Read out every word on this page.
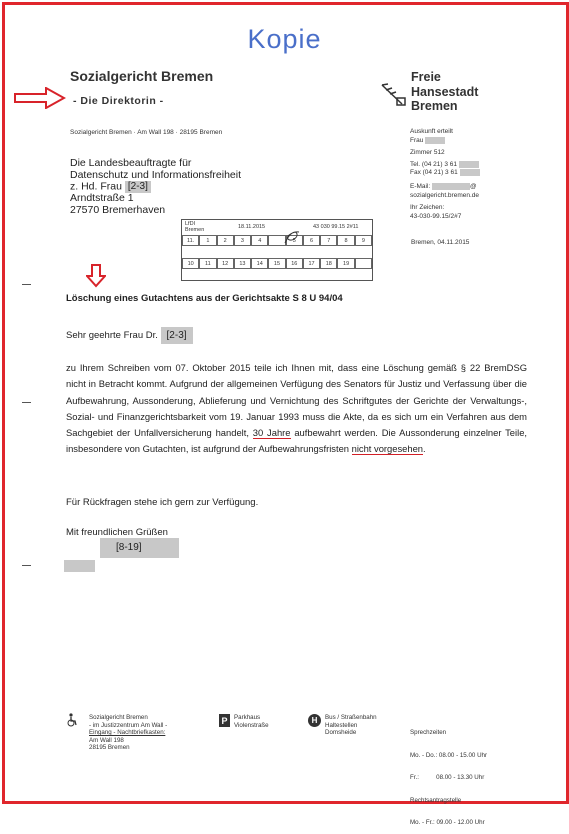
Kopie
Sozialgericht Bremen
- Die Direktorin -
Sozialgericht Bremen · Am Wall 198 · 28195 Bremen
Die Landesbeauftragte für
Datenschutz und Informationsfreiheit
z. Hd. Frau [2-3]
Arndtstraße 1
27570 Bremerhaven
Freie
Hansestadt
Bremen
Auskunft erteilt
Frau
Zimmer 512
Tel. (04 21) 3 61
Fax (04 21) 3 61
E-Mail:	@
sozialgericht.bremen.de
Ihr Zeichen:
43-030-99.15/2#7
Bremen, 04.11.2015
LfDI Bremen	18.11.2015	43 030 99.15 2#11
11.	1	2	3	4	5	6	7	8	9
10	11	12	13	14	15	16	17	18	19
Löschung eines Gutachtens aus der Gerichtsakte S 8 U 94/04
Sehr geehrte Frau Dr. [2-3]

zu Ihrem Schreiben vom 07. Oktober 2015 teile ich Ihnen mit, dass eine Löschung gemäß § 22 BremDSG nicht in Betracht kommt. Aufgrund der allgemeinen Verfügung des Senators für Justiz und Verfassung über die Aufbewahrung, Aussonderung, Ablieferung und Vernichtung des Schriftgutes der Gerichte der Verwaltungs-, Sozial- und Finanzgerichtsbarkeit vom 19. Januar 1993 muss die Akte, da es sich um ein Verfahren aus dem Sachgebiet der Unfallversicherung handelt, 30 Jahre aufbewahrt werden. Die Aussonderung einzelner Teile, insbesondere von Gutachten, ist aufgrund der Aufbewahrungsfristen nicht vorgesehen.

Für Rückfragen stehe ich gern zur Verfügung.
Mit freundlichen Grüßen
[8-19]
Sozialgericht Bremen
- im Justizzentrum Am Wall -
Eingang - Nachtbriefkasten:
Am Wall 198
28195 Bremen
P	Parkhaus
Violenstraße	H	Bus / Straßenbahn
Haltestellen
Domsheide

	Sprechzeiten

Mo. - Do.: 08.00 - 15.00 Uhr

Fr.:          08.00 - 13.30 Uhr

Rechtsantragstelle

Mo. - Fr.: 09.00 - 12.00 Uhr
